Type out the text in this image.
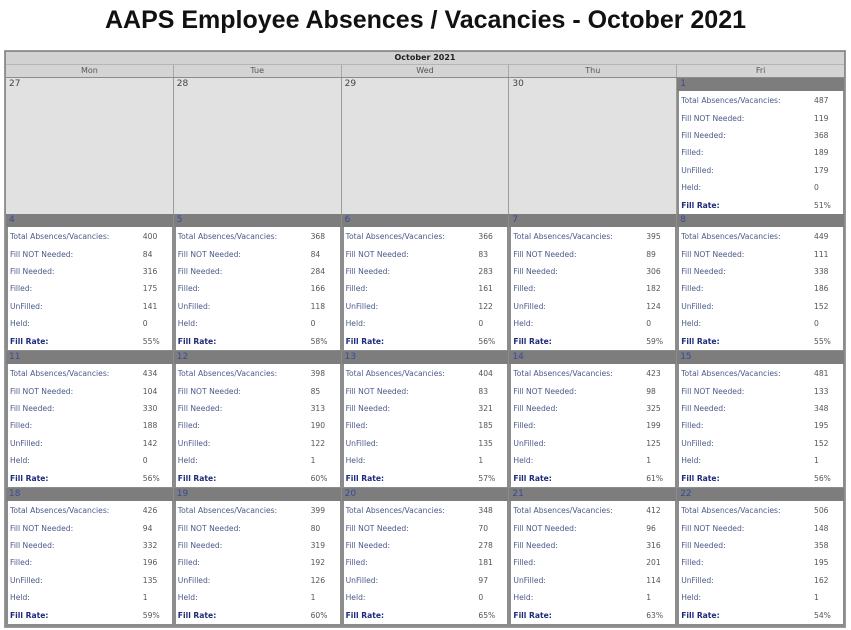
AAPS Employee Absences / Vacancies - October 2021
October 2021
Mon	Tue	Wed	Thu	Fri
27	28	29	30	1
Total Absences/Vacancies:	487
Fill NOT Needed:	119
Fill Needed:	368
Filled:	189
UnFilled:	179
Held:	0
Fill Rate:	51%
4
Total Absences/Vacancies:	400
Fill NOT Needed:	84
Fill Needed:	316
Filled:	175
UnFilled:	141
Held:	0
Fill Rate:	55%
5
Total Absences/Vacancies:	368
Fill NOT Needed:	84
Fill Needed:	284
Filled:	166
UnFilled:	118
Held:	0
Fill Rate:	58%
6
Total Absences/Vacancies:	366
Fill NOT Needed:	83
Fill Needed:	283
Filled:	161
UnFilled:	122
Held:	0
Fill Rate:	56%
7
Total Absences/Vacancies:	395
Fill NOT Needed:	89
Fill Needed:	306
Filled:	182
UnFilled:	124
Held:	0
Fill Rate:	59%
8
Total Absences/Vacancies:	449
Fill NOT Needed:	111
Fill Needed:	338
Filled:	186
UnFilled:	152
Held:	0
Fill Rate:	55%
11
Total Absences/Vacancies:	434
Fill NOT Needed:	104
Fill Needed:	330
Filled:	188
UnFilled:	142
Held:	0
Fill Rate:	56%
12
Total Absences/Vacancies:	398
Fill NOT Needed:	85
Fill Needed:	313
Filled:	190
UnFilled:	122
Held:	1
Fill Rate:	60%
13
Total Absences/Vacancies:	404
Fill NOT Needed:	83
Fill Needed:	321
Filled:	185
UnFilled:	135
Held:	1
Fill Rate:	57%
14
Total Absences/Vacancies:	423
Fill NOT Needed:	98
Fill Needed:	325
Filled:	199
UnFilled:	125
Held:	1
Fill Rate:	61%
15
Total Absences/Vacancies:	481
Fill NOT Needed:	133
Fill Needed:	348
Filled:	195
UnFilled:	152
Held:	1
Fill Rate:	56%
18
Total Absences/Vacancies:	426
Fill NOT Needed:	94
Fill Needed:	332
Filled:	196
UnFilled:	135
Held:	1
Fill Rate:	59%
19
Total Absences/Vacancies:	399
Fill NOT Needed:	80
Fill Needed:	319
Filled:	192
UnFilled:	126
Held:	1
Fill Rate:	60%
20
Total Absences/Vacancies:	348
Fill NOT Needed:	70
Fill Needed:	278
Filled:	181
UnFilled:	97
Held:	0
Fill Rate:	65%
21
Total Absences/Vacancies:	412
Fill NOT Needed:	96
Fill Needed:	316
Filled:	201
UnFilled:	114
Held:	1
Fill Rate:	63%
22
Total Absences/Vacancies:	506
Fill NOT Needed:	148
Fill Needed:	358
Filled:	195
UnFilled:	162
Held:	1
Fill Rate:	54%
